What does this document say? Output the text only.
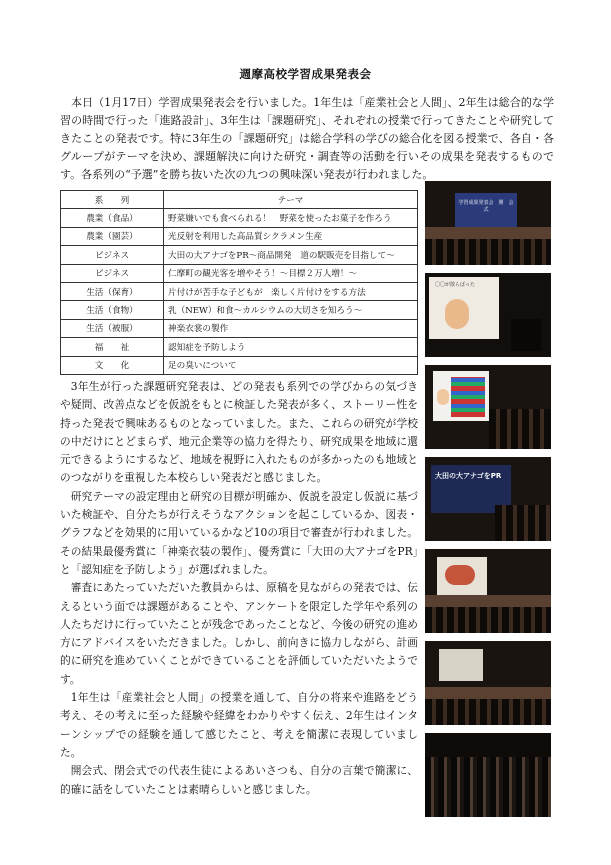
週摩高校学習成果発表会

本日（1月17日）学習成果発表会を行いました。1年生は「産業社会と人間」、2年生は総合的な学習の時間で行った「進路設計」、3年生は「課題研究」、それぞれの授業で行ってきたことや研究してきたことの発表です。特に3年生の「課題研究」は総合学科の学びの総合化を図る授業で、各自・各グループがテーマを決め、課題解決に向けた研究・調査等の活動を行いその成果を発表するものです。各系列の“予選”を勝ち抜いた次の九つの興味深い発表が行われました。

系　　列	テーマ
農業（食品）	野菜嫌いでも食べられる！　野菜を使ったお菓子を作ろう
農業（園芸）	光反射を利用した高品質シクラメン生産
ビジネス	大田の大アナゴをPR～商品開発　道の駅販売を目指して～
ビジネス	仁摩町の観光客を増やそう！～目標２万人増！～
生活（保育）	片付けが苦手な子どもが　楽しく片付けをする方法
生活（食物）	乳（NEW）和食～カルシウムの大切さを知ろう～
生活（被服）	神楽衣裳の製作
福　　祉	認知症を予防しよう
文　　化	足の臭いについて

3年生が行った課題研究発表は、どの発表も系列での学びからの気づきや疑問、改善点などを仮説をもとに検証した発表が多く、ストーリー性を持った発表で興味あるものとなっていました。また、これらの研究が学校の中だけにとどまらず、地元企業等の協力を得たり、研究成果を地域に還元できるようにするなど、地域を視野に入れたものが多かったのも地域とのつながりを重視した本校らしい発表だと感じました。

研究テーマの設定理由と研究の目標が明確か、仮説を設定し仮説に基づいた検証や、自分たちが行えそうなアクションを起こしているか、図表・グラフなどを効果的に用いているかなど10の項目で審査が行われました。その結果最優秀賞に「神楽衣装の製作」、優秀賞に「大田の大アナゴをPR」と「認知症を予防しよう」が選ばれました。

審査にあたっていただいた教員からは、原稿を見ながらの発表では、伝えるという面では課題があることや、アンケートを限定した学年や系列の人たちだけに行っていたことが残念であったことなど、今後の研究の進め方にアドバイスをいただきました。しかし、前向きに協力しながら、計画的に研究を進めていくことができていることを評価していただいたようです。

1年生は「産業社会と人間」の授業を通して、自分の将来や進路をどう考え、その考えに至った経験や経緯をわかりやすく伝え、2年生はインターンシップでの経験を通して感じたこと、考えを簡潔に表現していました。

開会式、閉会式での代表生徒によるあいさつも、自分の言葉で簡潔に、的確に話をしていたことは素晴らしいと感じました。

学習成果発表会　開　会　式
〇〇が散らばった
大田の大アナゴをPR
